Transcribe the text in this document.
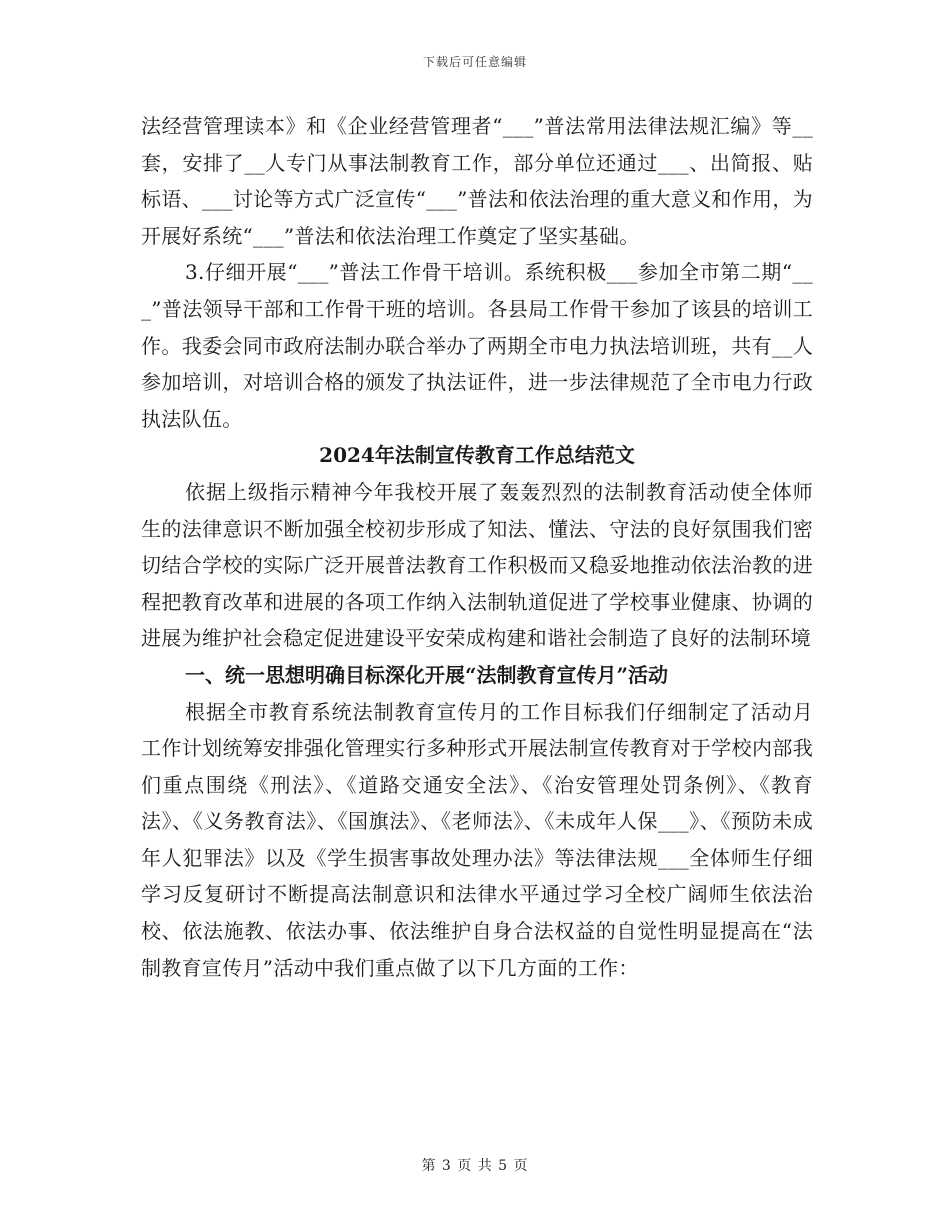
下载后可任意编辑

法经营管理读本》和《企业经营管理者“___”普法常用法律法规汇编》等__套，安排了__人专门从事法制教育工作，部分单位还通过___、出简报、贴标语、___讨论等方式广泛宣传“___”普法和依法治理的重大意义和作用，为开展好系统“___”普法和依法治理工作奠定了坚实基础。

3.仔细开展“___”普法工作骨干培训。系统积极___参加全市第二期“___”普法领导干部和工作骨干班的培训。各县局工作骨干参加了该县的培训工作。我委会同市政府法制办联合举办了两期全市电力执法培训班，共有__人参加培训，对培训合格的颁发了执法证件，进一步法律规范了全市电力行政执法队伍。

2024年法制宣传教育工作总结范文

依据上级指示精神今年我校开展了轰轰烈烈的法制教育活动使全体师生的法律意识不断加强全校初步形成了知法、懂法、守法的良好氛围我们密切结合学校的实际广泛开展普法教育工作积极而又稳妥地推动依法治教的进程把教育改革和进展的各项工作纳入法制轨道促进了学校事业健康、协调的进展为维护社会稳定促进建设平安荣成构建和谐社会制造了良好的法制环境

一、统一思想明确目标深化开展“法制教育宣传月”活动

根据全市教育系统法制教育宣传月的工作目标我们仔细制定了活动月工作计划统筹安排强化管理实行多种形式开展法制宣传教育对于学校内部我们重点围绕《刑法》、《道路交通安全法》、《治安管理处罚条例》、《教育法》、《义务教育法》、《国旗法》、《老师法》、《未成年人保___》、《预防未成年人犯罪法》以及《学生损害事故处理办法》等法律法规___全体师生仔细学习反复研讨不断提高法制意识和法律水平通过学习全校广阔师生依法治校、依法施教、依法办事、依法维护自身合法权益的自觉性明显提高在“法制教育宣传月”活动中我们重点做了以下几方面的工作：

第 3 页 共 5 页
